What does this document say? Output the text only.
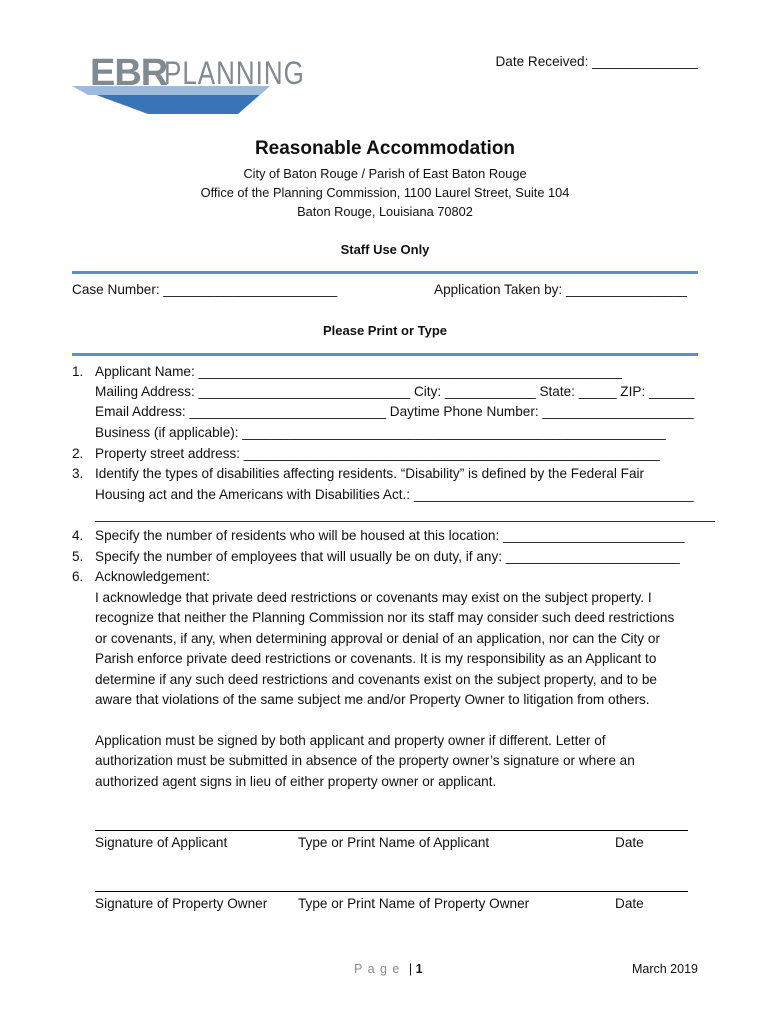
EBR
PLANNING	Date Received: ______________
Reasonable Accommodation
City of Baton Rouge / Parish of East Baton Rouge
Office of the Planning Commission, 1100 Laurel Street, Suite 104
Baton Rouge, Louisiana 70802
Staff Use Only
Case Number: _______________________	Application Taken by: ________________
Please Print or Type
1. Applicant Name: ________________________________________________________
Mailing Address: ____________________________ City: ____________ State: _____ ZIP: ______
Email Address: __________________________ Daytime Phone Number: ____________________
Business (if applicable): ________________________________________________________
2. Property street address: _______________________________________________________
3. Identify the types of disabilities affecting residents. “Disability” is defined by the Federal Fair
Housing act and the Americans with Disabilities Act.: _____________________________________
__________________________________________________________________________________
4. Specify the number of residents who will be housed at this location: ________________________
5. Specify the number of employees that will usually be on duty, if any: _______________________
6. Acknowledgement:
I acknowledge that private deed restrictions or covenants may exist on the subject property. I
recognize that neither the Planning Commission nor its staff may consider such deed restrictions
or covenants, if any, when determining approval or denial of an application, nor can the City or
Parish enforce private deed restrictions or covenants. It is my responsibility as an Applicant to
determine if any such deed restrictions and covenants exist on the subject property, and to be
aware that violations of the same subject me and/or Property Owner to litigation from others.
Application must be signed by both applicant and property owner if different. Letter of
authorization must be submitted in absence of the property owner’s signature or where an
authorized agent signs in lieu of either property owner or applicant.
Signature of Applicant	Type or Print Name of Applicant	Date
Signature of Property Owner Type or Print Name of Property Owner	Date
P a g e | 1	March 2019
